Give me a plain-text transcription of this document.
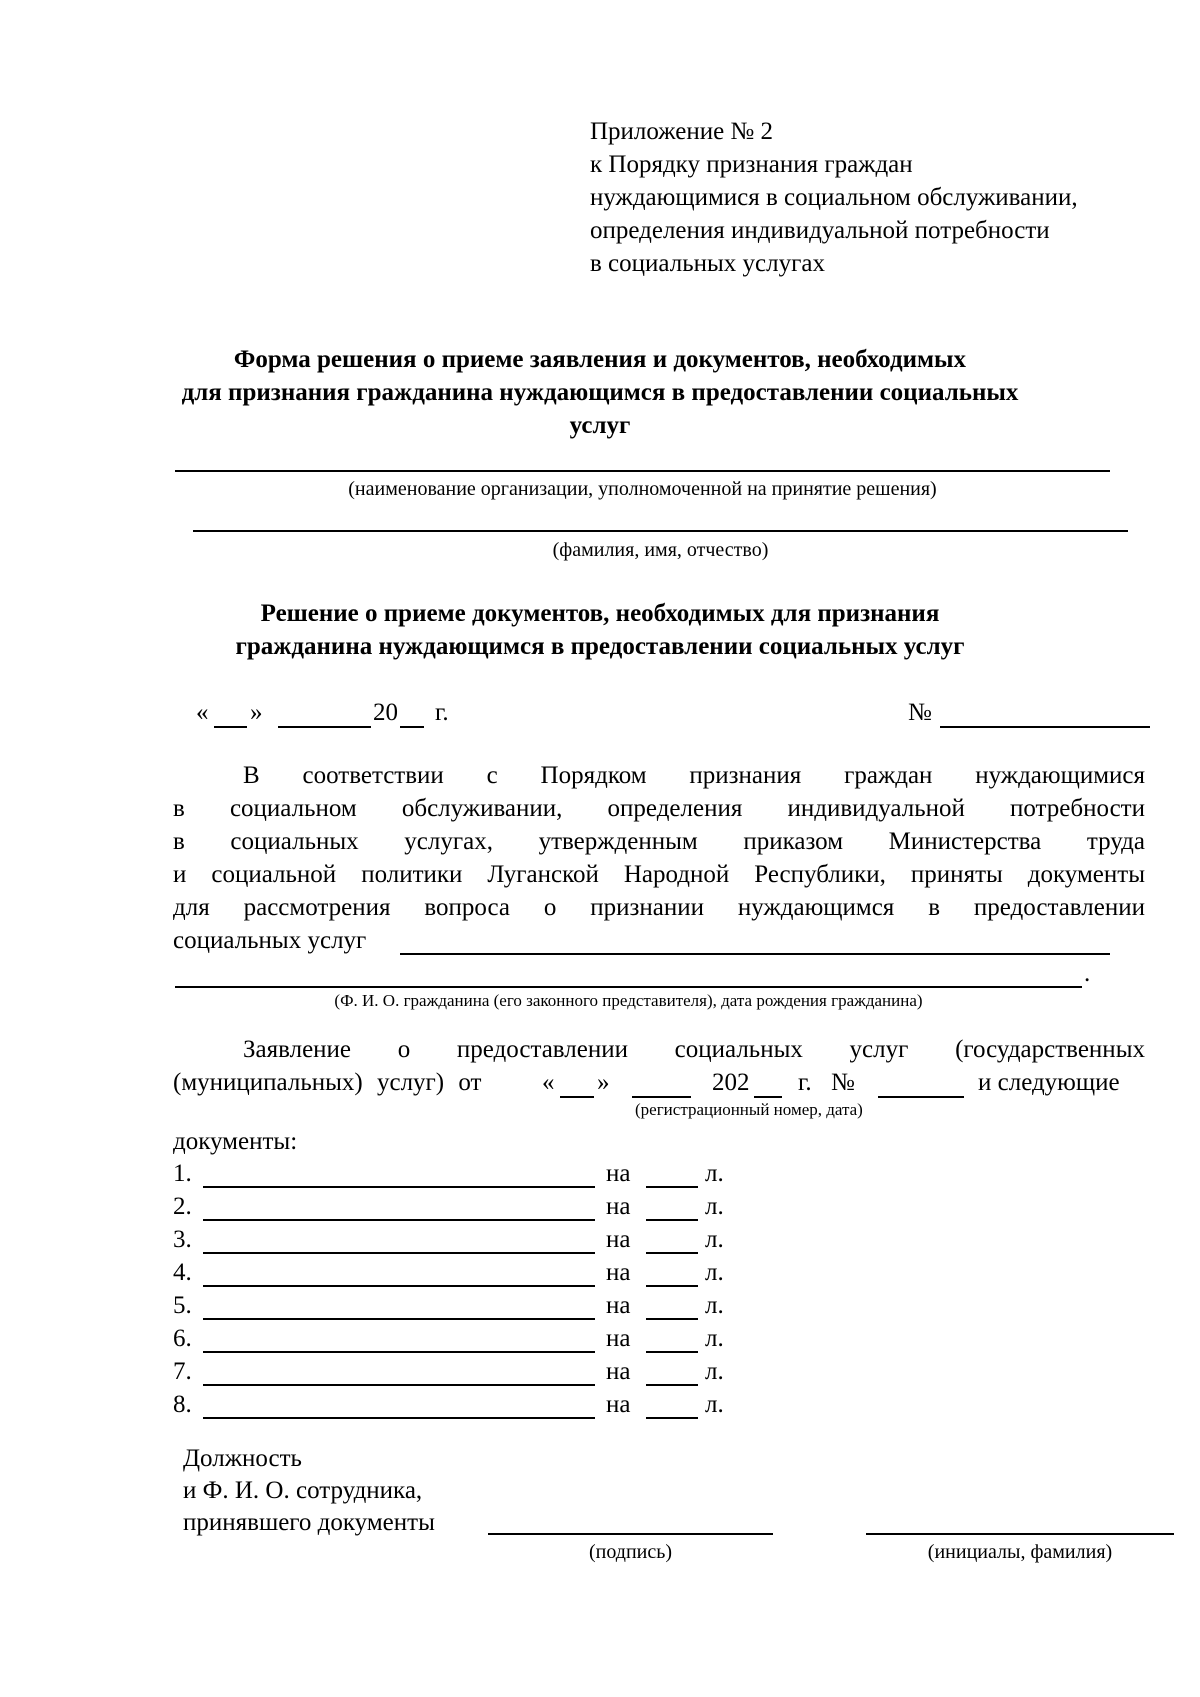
Приложение № 2
к Порядку признания граждан
нуждающимися в социальном обслуживании,
определения индивидуальной потребности
в социальных услугах
Форма решения о приеме заявления и документов, необходимых
для признания гражданина нуждающимся в предоставлении социальных
услуг
(наименование организации, уполномоченной на принятие решения)
(фамилия, имя, отчество)
Решение о приеме документов, необходимых для признания
гражданина нуждающимся в предоставлении социальных услуг
« »	20 г.	№
В соответствии с Порядком признания граждан нуждающимися
в социальном обслуживании, определения индивидуальной потребности
в социальных услугах, утвержденным приказом Министерства труда
и социальной политики Луганской Народной Республики, приняты документы
для рассмотрения вопроса о признании нуждающимся в предоставлении
социальных услуг
.
(Ф. И. О. гражданина (его законного представителя), дата рождения гражданина)
Заявление о предоставлении социальных услуг (государственных
(муниципальных) услуг) от « »	202 г. №	и следующие
(регистрационный номер, дата)
документы:
1.	на	л.
2.	на	л.
3.	на	л.
4.	на	л.
5.	на	л.
6.	на	л.
7.	на	л.
8.	на	л.
Должность
и Ф. И. О. сотрудника,
принявшего документы
(подпись)	(инициалы, фамилия)
